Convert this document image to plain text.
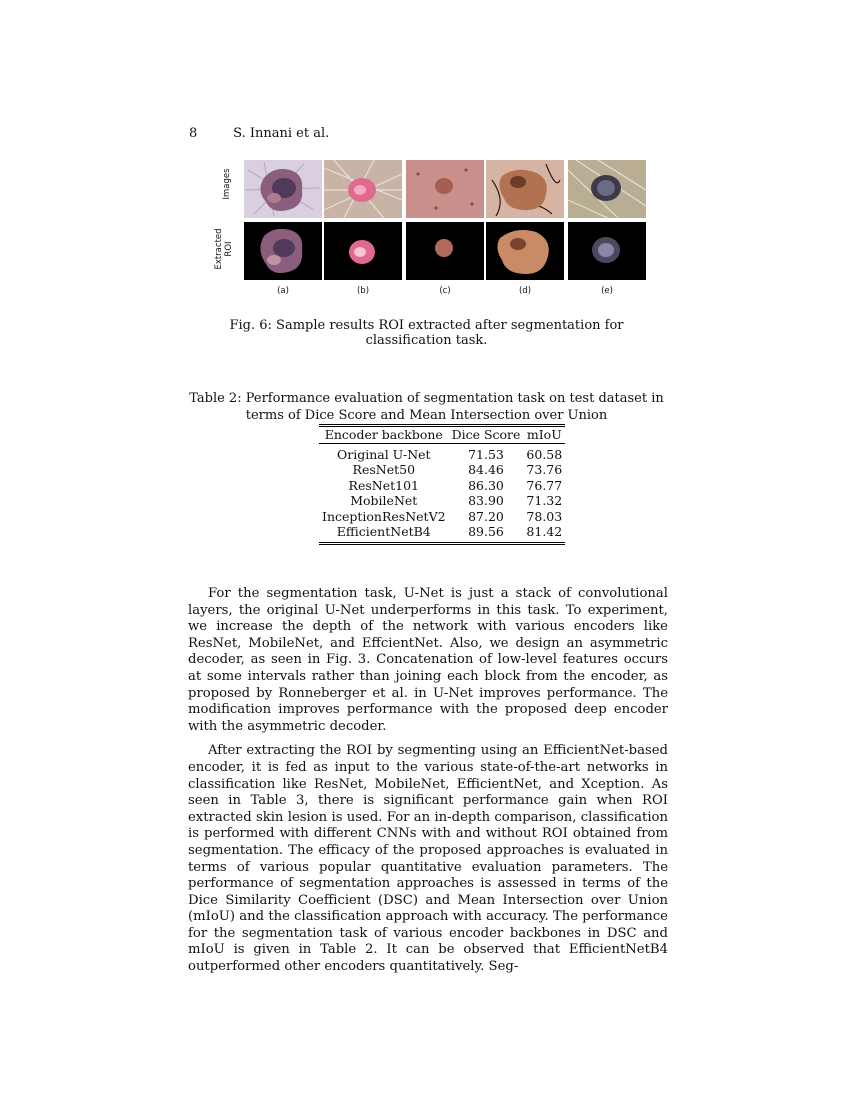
8	S. Innani et al.
Images
Extracted ROI
(a)	(b)	(c)	(d)	(e)
Fig. 6: Sample results ROI extracted after segmentation for classification task.
Table 2: Performance evaluation of segmentation task on test dataset in terms of Dice Score and Mean Intersection over Union
Encoder backbone	Dice Score	mIoU
Original U-Net	71.53	60.58
ResNet50	84.46	73.76
ResNet101	86.30	76.77
MobileNet	83.90	71.32
InceptionResNetV2	87.20	78.03
EfficientNetB4	89.56	81.42

For the segmentation task, U-Net is just a stack of convolutional layers, the original U-Net underperforms in this task. To experiment, we increase the depth of the network with various encoders like ResNet, MobileNet, and EffcientNet. Also, we design an asymmetric decoder, as seen in Fig. 3. Concatenation of low-level features occurs at some intervals rather than joining each block from the encoder, as proposed by Ronneberger et al. in U-Net improves performance. The modification improves performance with the proposed deep encoder with the asymmetric decoder.

After extracting the ROI by segmenting using an EfficientNet-based encoder, it is fed as input to the various state-of-the-art networks in classification like ResNet, MobileNet, EfficientNet, and Xception. As seen in Table 3, there is significant performance gain when ROI extracted skin lesion is used. For an in-depth comparison, classification is performed with different CNNs with and without ROI obtained from segmentation. The efficacy of the proposed approaches is evaluated in terms of various popular quantitative evaluation parameters. The performance of segmentation approaches is assessed in terms of the Dice Similarity Coefficient (DSC) and Mean Intersection over Union (mIoU) and the classification approach with accuracy. The performance for the segmentation task of various encoder backbones in DSC and mIoU is given in Table 2. It can be observed that EfficientNetB4 outperformed other encoders quantitatively. Seg-
